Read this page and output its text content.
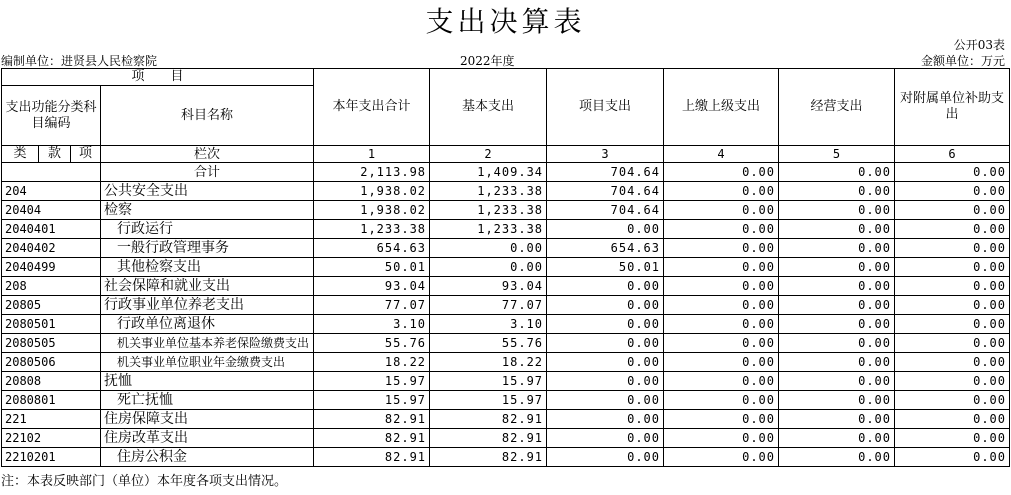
支出决算表
公开03表
编制单位：进贤县人民检察院	2022年度	金额单位：万元
项　　目				本年支出合计	基本支出	项目支出	上缴上级支出	经营支出	对附属单位补助支出
支出功能分类科目编码			科目名称						
类	款	项		1	2	3	4	5	6
			栏次						
			合计	2,113.98	1,409.34	704.64	0.00	0.00	0.00
204			公共安全支出	1,938.02	1,233.38	704.64	0.00	0.00	0.00
20404			检察	1,938.02	1,233.38	704.64	0.00	0.00	0.00
2040401			行政运行	1,233.38	1,233.38	0.00	0.00	0.00	0.00
2040402			一般行政管理事务	654.63	0.00	654.63	0.00	0.00	0.00
2040499			其他检察支出	50.01	0.00	50.01	0.00	0.00	0.00
208			社会保障和就业支出	93.04	93.04	0.00	0.00	0.00	0.00
20805			行政事业单位养老支出	77.07	77.07	0.00	0.00	0.00	0.00
2080501			行政单位离退休	3.10	3.10	0.00	0.00	0.00	0.00
2080505			机关事业单位基本养老保险缴费支出	55.76	55.76	0.00	0.00	0.00	0.00
2080506			机关事业单位职业年金缴费支出	18.22	18.22	0.00	0.00	0.00	0.00
20808			抚恤	15.97	15.97	0.00	0.00	0.00	0.00
2080801			死亡抚恤	15.97	15.97	0.00	0.00	0.00	0.00
221			住房保障支出	82.91	82.91	0.00	0.00	0.00	0.00
22102			住房改革支出	82.91	82.91	0.00	0.00	0.00	0.00
2210201			住房公积金	82.91	82.91	0.00	0.00	0.00	0.00
注：本表反映部门（单位）本年度各项支出情况。
